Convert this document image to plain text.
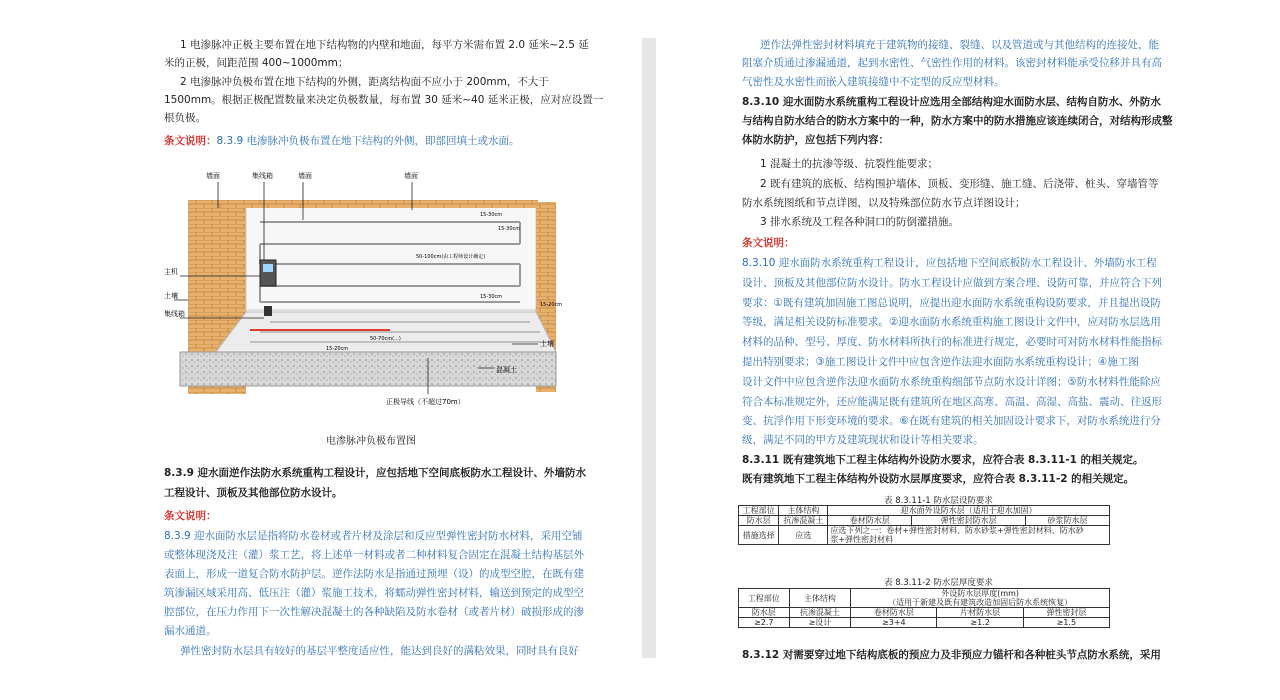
1 电渗脉冲正极主要布置在地下结构物的内壁和地面，每平方米需布置 2.0 延米~2.5 延
米的正极，间距范围 400~1000mm；
2 电渗脉冲负极布置在地下结构的外侧，距离结构面不应小于 200mm，不大于
1500mm。根据正极配置数量来决定负极数量，每布置 30 延米~40 延米正极，应对应设置一
根负极。
条文说明：8.3.9 电渗脉冲负极布置在地下结构的外侧，即部回填土或水面。
墙面	集线箱	墙面	墙面
主机
土壤
集线箱
土壤
混凝土
正极导线（不超过70m）
15-30cm
15-30cm
50-100cm(由工程师设计确定)
15-30cm
15-20cm
15-20cm
50-70cm(...)
电渗脉冲负极布置图
8.3.9 迎水面逆作法防水系统重构工程设计，应包括地下空间底板防水工程设计、外墙防水
工程设计、顶板及其他部位防水设计。
条文说明：
8.3.9 迎水面防水层是指将防水卷材或者片材及涂层和反应型弹性密封防水材料，采用空铺
或整体现浇及注（灌）浆工艺，将上述单一材料或者二种材料复合固定在混凝土结构基层外
表面上，形成一道复合防水防护层。逆作法防水是指通过预埋（设）的成型空腔，在既有建
筑渗漏区域采用高、低压注（灌）浆施工技术，将蠕动弹性密封材料，输送到预定的成型空
腔部位，在压力作用下一次性解决混凝土的各种缺陷及防水卷材（或者片材）破损形成的渗
漏水通道。
弹性密封防水层具有较好的基层平整度适应性，能达到良好的满粘效果，同时具有良好
逆作法弹性密封材料填充于建筑物的接缝、裂缝、以及管道或与其他结构的连接处，能
阻塞介质通过渗漏通道，起到水密性、气密性作用的材料。该密封材料能承受位移并具有高
气密性及水密性而嵌入建筑接缝中不定型的反应型材料。
8.3.10 迎水面防水系统重构工程设计应选用全部结构迎水面防水层、结构自防水、外防水
与结构自防水结合的防水方案中的一种，防水方案中的防水措施应该连续闭合，对结构形成整
体防水防护，应包括下列内容：
1 混凝土的抗渗等级、抗裂性能要求；
2 既有建筑的底板、结构围护墙体、顶板、变形缝、施工缝、后浇带、桩头、穿墙管等
防水系统图纸和节点详图，以及特殊部位防水节点详图设计；
3 排水系统及工程各种洞口的防倒灌措施。
条文说明：
8.3.10 迎水面防水系统重构工程设计，应包括地下空间底板防水工程设计、外墙防水工程
设计、顶板及其他部位防水设计。防水工程设计应做到方案合理、设防可靠，并应符合下列
要求：①既有建筑加固施工图总说明，应提出迎水面防水系统重构设防要求，并且提出设防
等级，满足相关设防标准要求。②迎水面防水系统重构施工图设计文件中，应对防水层选用
材料的品种、型号、厚度、防水材料所执行的标准进行规定，必要时可对防水材料性能指标
提出特别要求；③施工图设计文件中应包含逆作法迎水面防水系统重构设计；④施工图
设计文件中应包含逆作法迎水面防水系统重构细部节点防水设计详图；⑤防水材料性能除应
符合本标准规定外，还应能满足既有建筑所在地区高寒、高温、高湿、高盐、震动、往返形
变、抗浮作用下形变环境的要求。⑥在既有建筑的相关加固设计要求下，对防水系统进行分
级，满足不同的甲方及建筑现状和设计等相关要求。
8.3.11 既有建筑地下工程主体结构外设防水要求，应符合表 8.3.11-1 的相关规定。
既有建筑地下工程主体结构外设防水层厚度要求，应符合表 8.3.11-2 的相关规定。
表 8.3.11-1 防水层设防要求
工程部位	主体结构	迎水面外设防水层（适用于迎水加固）		
防水层	抗渗混凝土	卷材防水层	弹性密封防水层	砂浆防水层
措施选择	应选	应选下列之一：卷材+弹性密封材料、防水砂浆+弹性密封材料、防水砂
浆+弹性密封材料		
表 8.3.11-2 防水层厚度要求
工程部位	主体结构	外设防水层厚度(mm)
（适用于新建及既有建筑改造加固后防水系统恢复）		

防水层	抗渗混凝土	卷材防水层	片材防水层	弹性密封层
≥2.7	≥设计	≥3+4	≥1.2	≥1.5
8.3.12 对需要穿过地下结构底板的预应力及非预应力锚杆和各种桩头节点防水系统，采用
